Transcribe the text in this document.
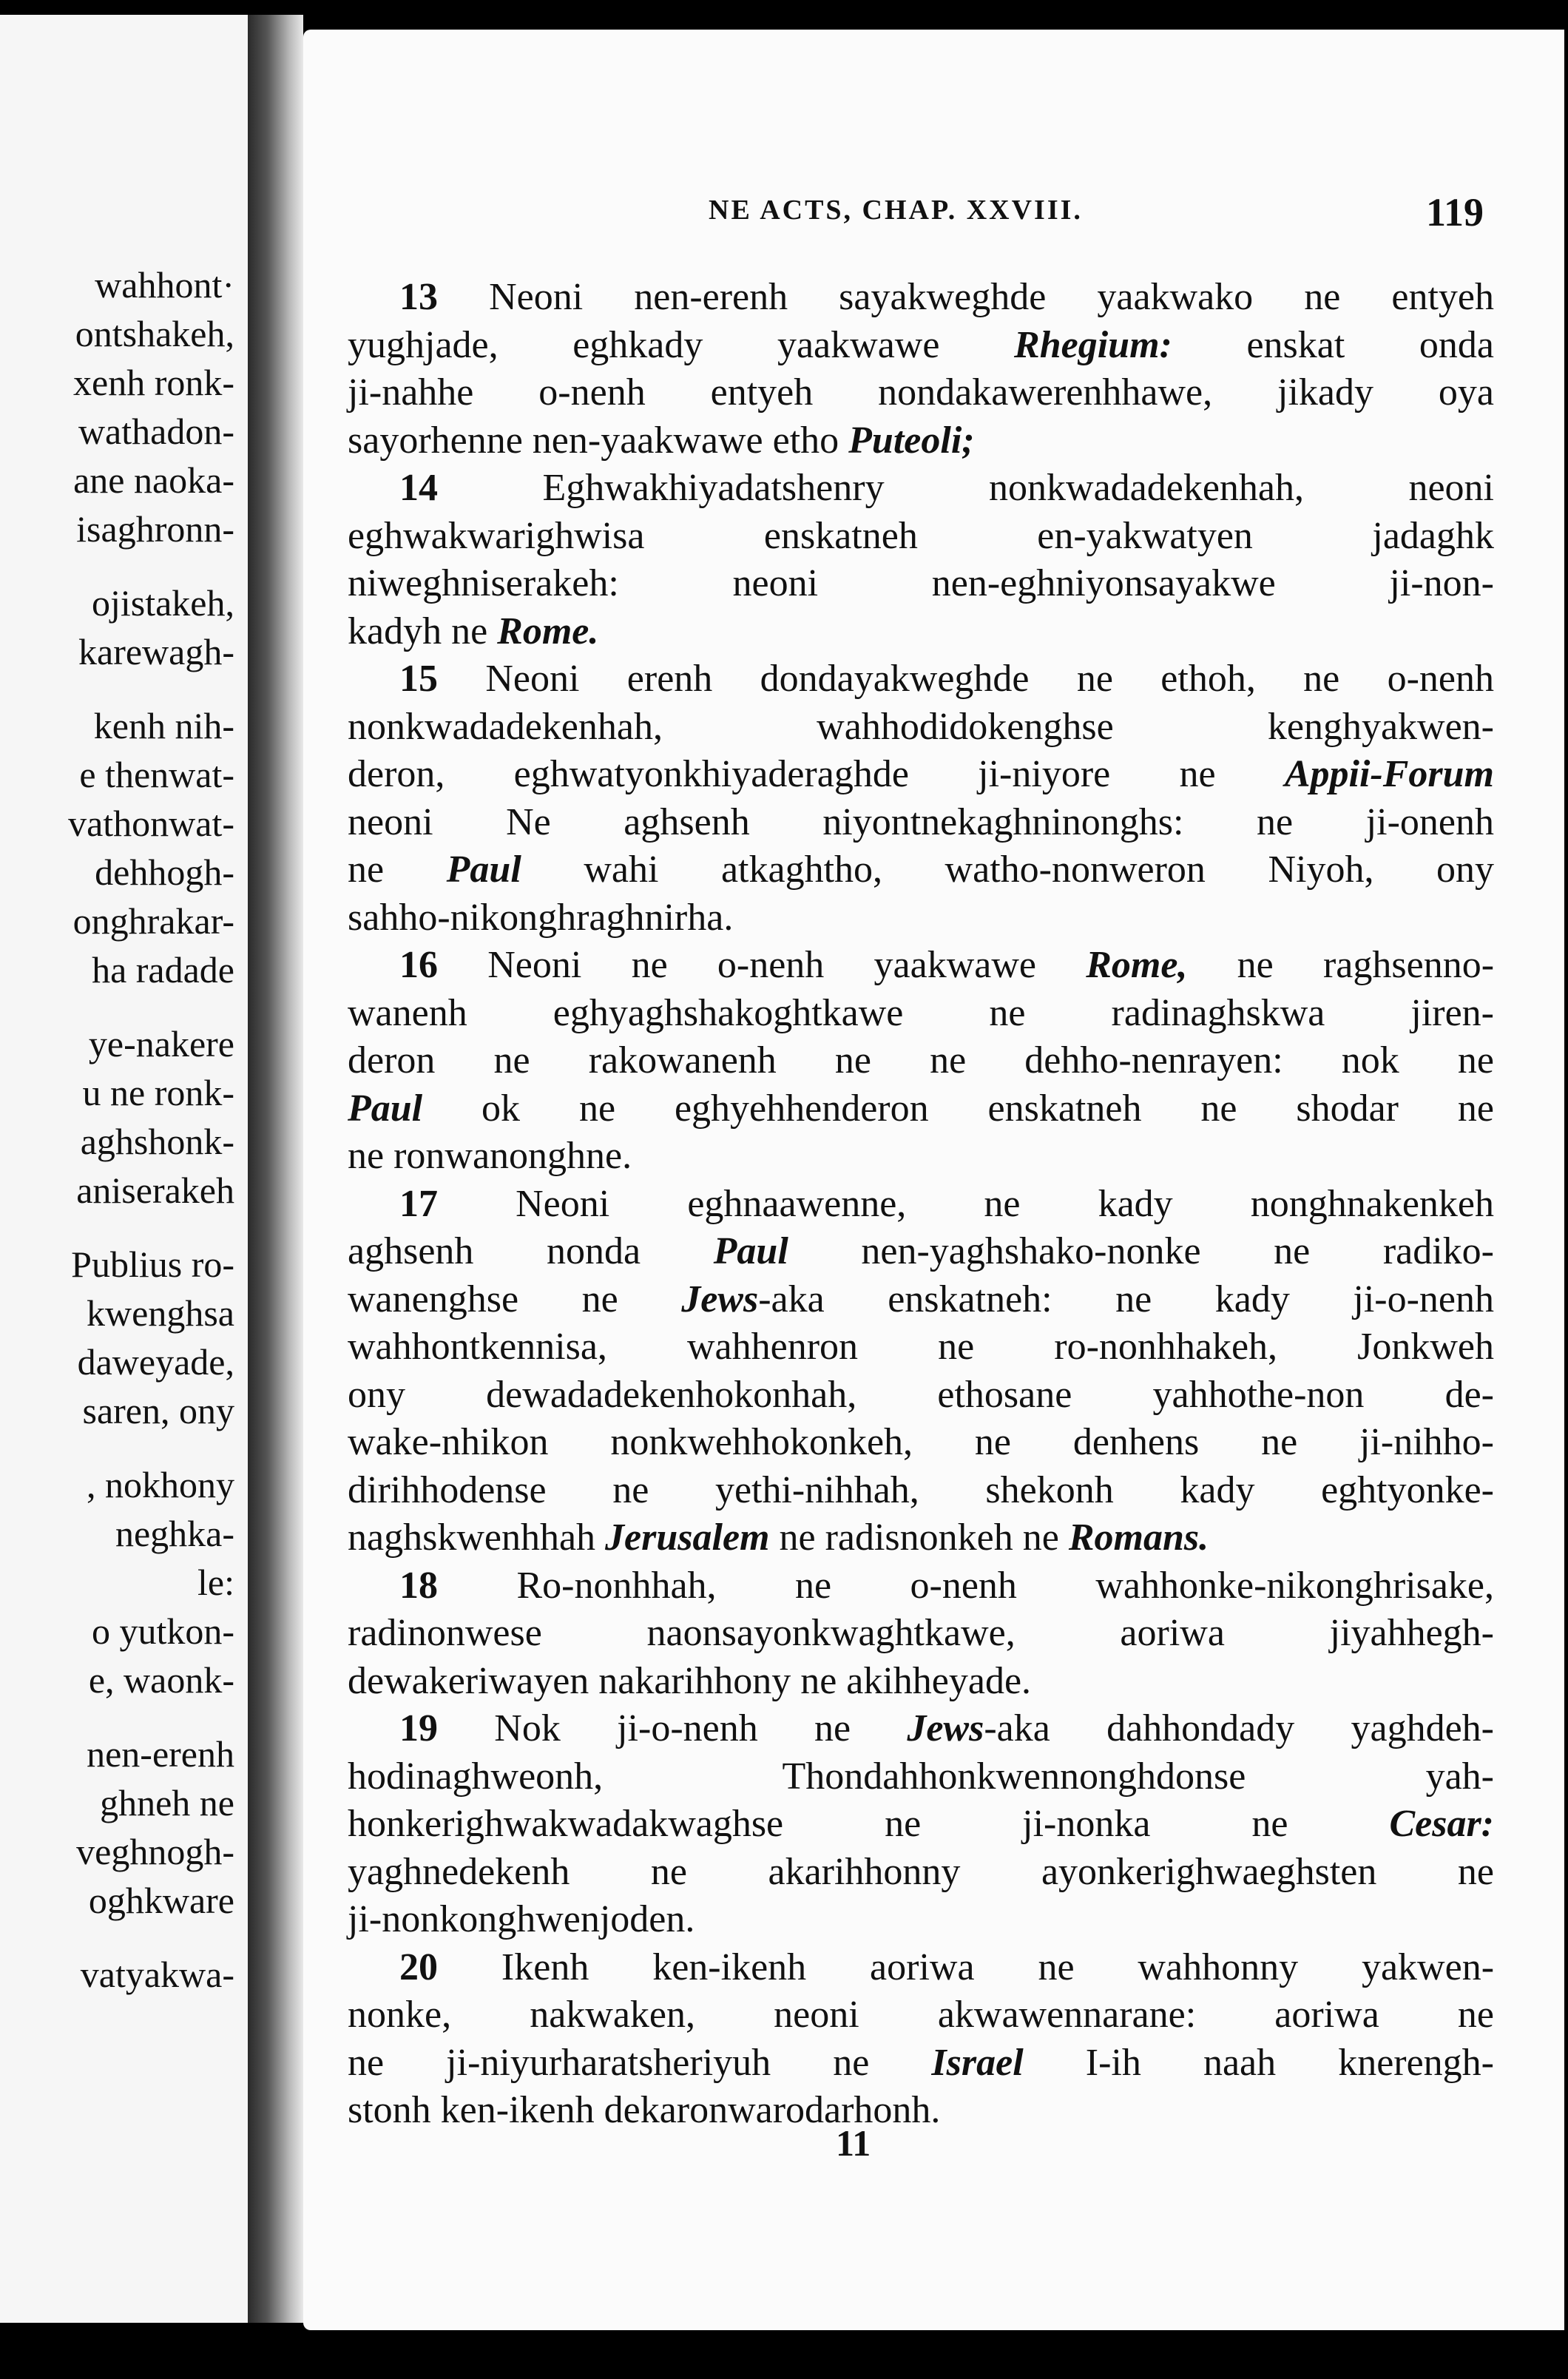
wahhont·
ontshakeh,
xenh ronk-
wathadon-
ane naoka-
isaghronn-
ojistakeh,
karewagh-
kenh nih-
e thenwat-
vathonwat-
dehhogh-
onghrakar-
ha radade
ye-nakere
u ne ronk-
aghshonk-
aniserakeh
Publius ro-
kwenghsa
daweyade,
saren, ony
, nokhony
neghka-
le:
o yutkon-
e, waonk-
nen-erenh
ghneh ne
veghnogh-
oghkware
vatyakwa-
NE ACTS, CHAP. XXVIII.	119
13 Neoni nen-erenh sayakweghde yaakwako ne entyeh
yughjade, eghkady yaakwawe Rhegium: enskat onda
ji-nahhe o-nenh entyeh nondakawerenhhawe, jikady oya
sayorhenne nen-yaakwawe etho Puteoli;
14	Eghwakhiyadatshenry nonkwadadekenhah, neoni
eghwakwarighwisa enskatneh en-yakwatyen jadaghk
niweghniserakeh: neoni nen-eghniyonsayakwe ji-non-
kadyh ne Rome.
15 Neoni erenh dondayakweghde ne ethoh, ne o-nenh
nonkwadadekenhah, wahhodidokenghse kenghyakwen-
deron, eghwatyonkhiyaderaghde ji-niyore ne Appii-Forum
neoni Ne aghsenh niyontnekaghninonghs: ne ji-onenh
ne Paul wahi atkaghtho, watho-nonweron Niyoh, ony
sahho-nikonghraghnirha.
16 Neoni ne o-nenh yaakwawe Rome, ne raghsenno-
wanenh eghyaghshakoghtkawe ne radinaghskwa jiren-
deron ne rakowanenh ne ne dehho-nenrayen: nok ne
Paul ok ne eghyehhenderon enskatneh ne shodar ne
ne ronwanonghne.
17 Neoni eghnaawenne, ne kady nonghnakenkeh
aghsenh nonda Paul nen-yaghshako-nonke ne radiko-
wanenghse ne Jews-aka enskatneh: ne kady ji-o-nenh
wahhontkennisa, wahhenron ne ro-nonhhakeh, Jonkweh
ony dewadadekenhokonhah, ethosane yahhothe-non de-
wake-nhikon nonkwehhokonkeh, ne denhens ne ji-nihho-
dirihhodense ne yethi-nihhah, shekonh kady eghtyonke-
naghskwenhhah Jerusalem ne radisnonkeh ne Romans.
18 Ro-nonhhah, ne o-nenh wahhonke-nikonghrisake,
radinonwese naonsayonkwaghtkawe, aoriwa jiyahhegh-
dewakeriwayen nakarihhony ne akihheyade.
19 Nok ji-o-nenh ne Jews-aka dahhondady yaghdeh-
hodinaghweonh, Thondahhonkwennonghdonse yah-
honkerighwakwadakwaghse ne ji-nonka ne Cesar:
yaghnedekenh ne akarihhonny ayonkerighwaeghsten ne
ji-nonkonghwenjoden.
20 Ikenh ken-ikenh aoriwa ne wahhonny yakwen-
nonke, nakwaken, neoni akwawennarane: aoriwa ne
ne ji-niyurharatsheriyuh ne Israel I-ih naah knerengh-
stonh ken-ikenh dekaronwarodarhonh.
11
